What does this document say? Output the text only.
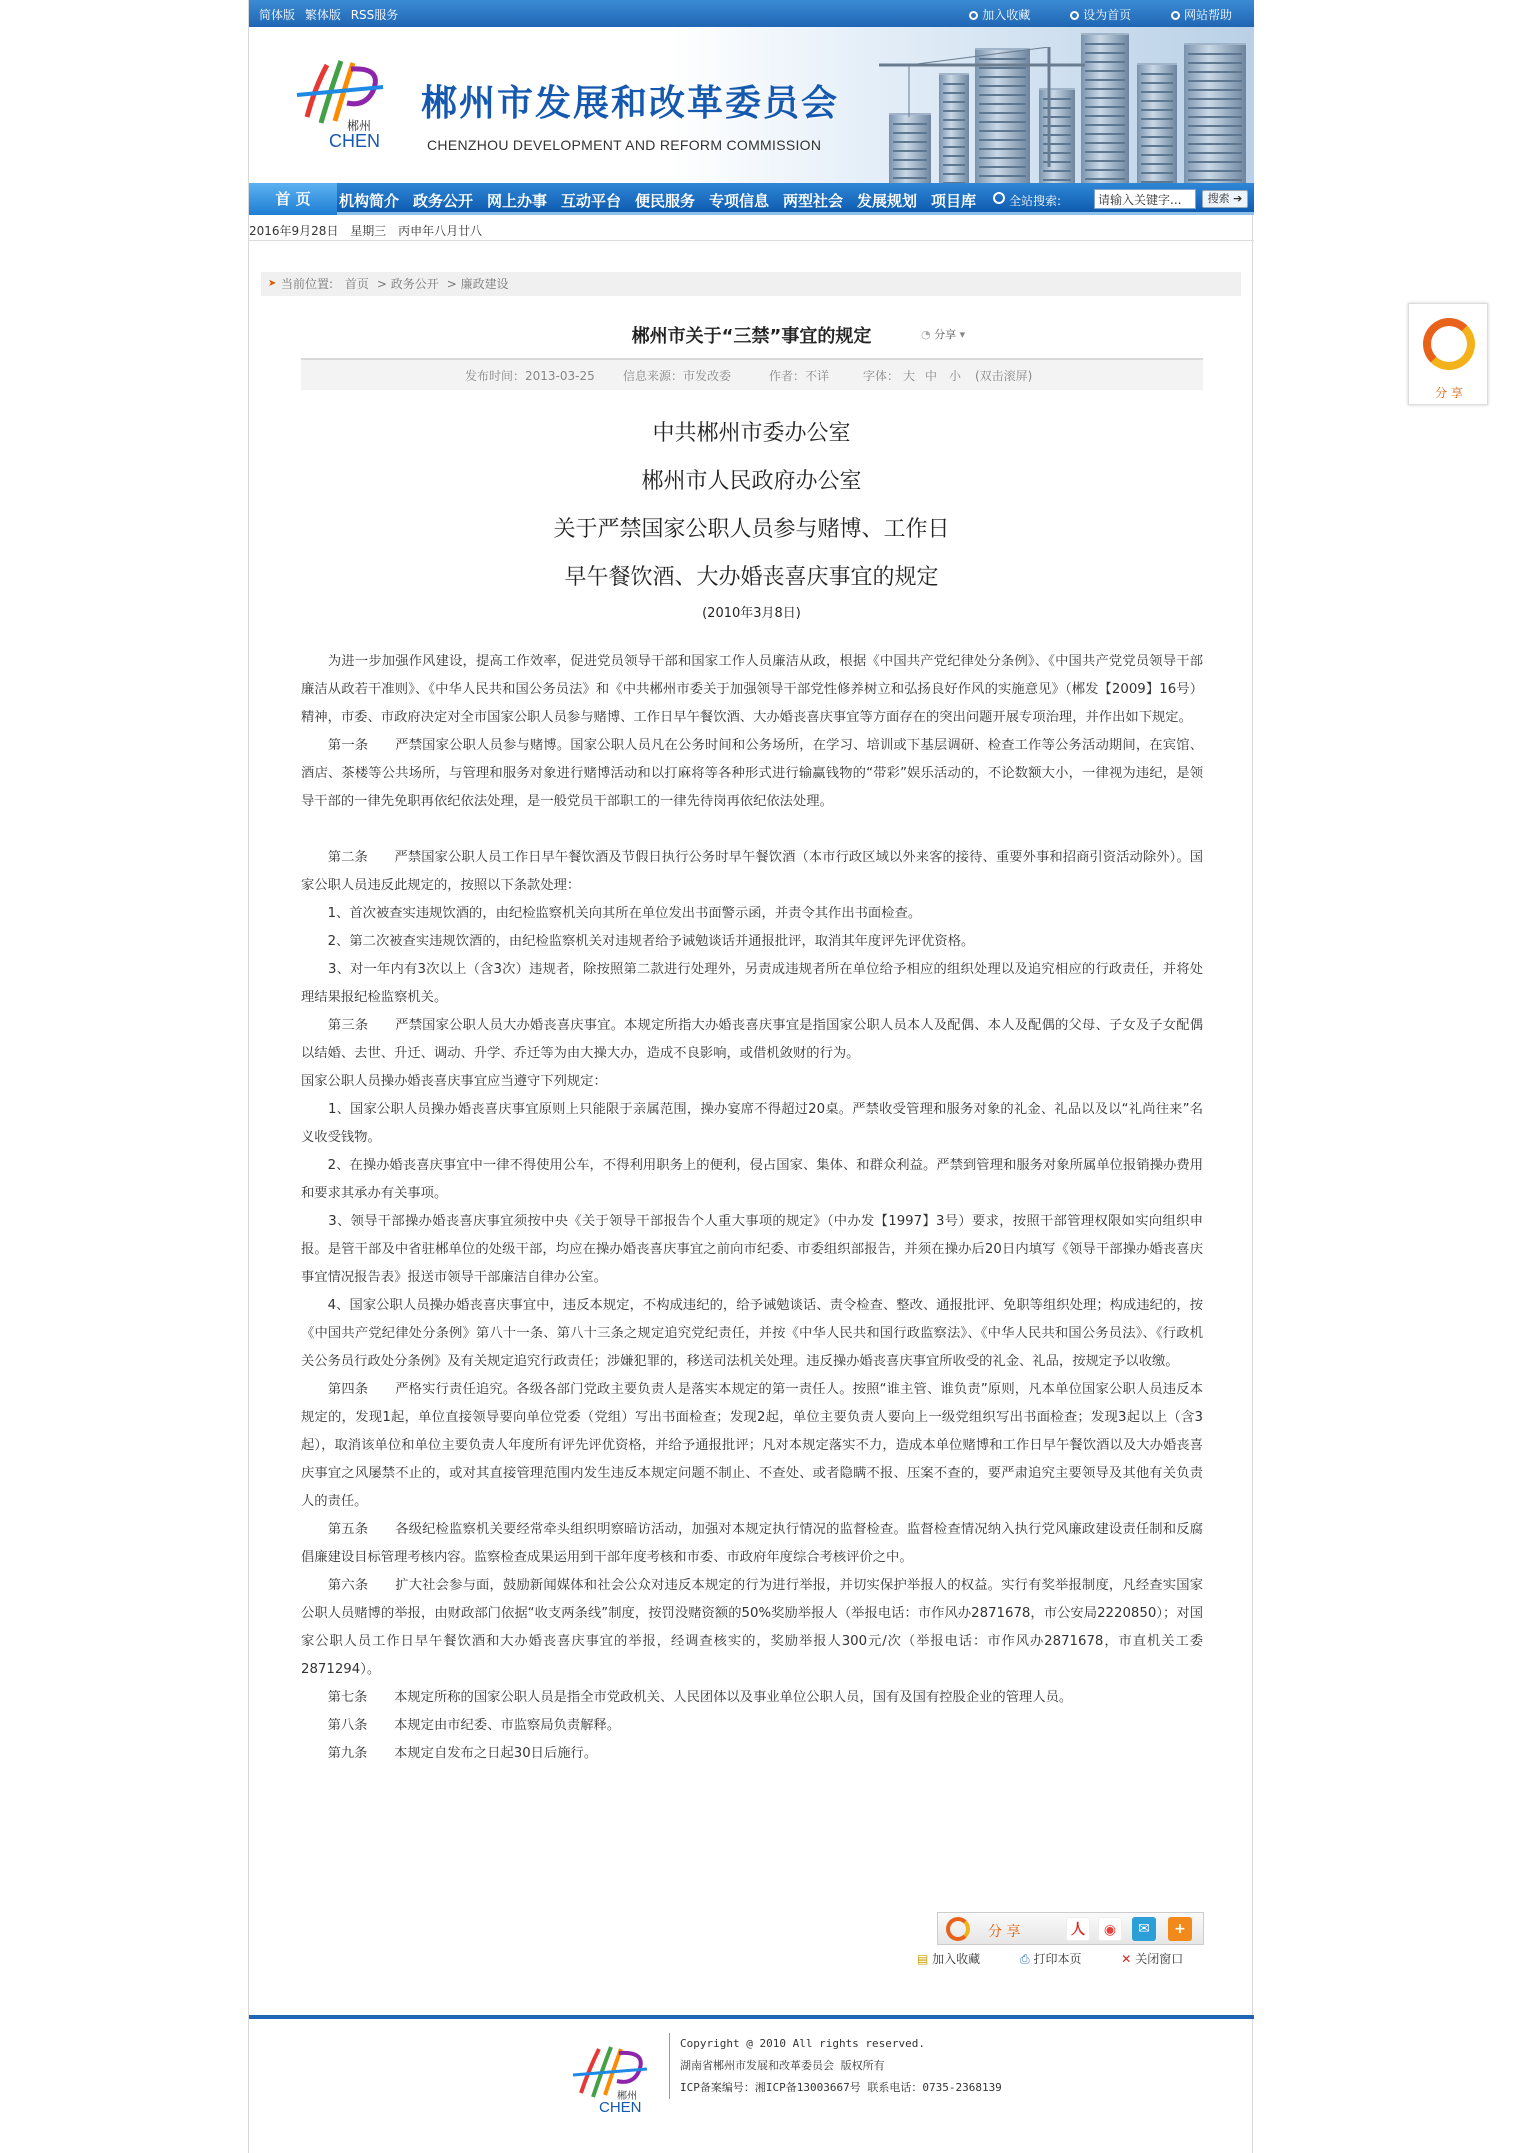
简体版 繁体版 RSS服务	加入收藏	设为首页	网站帮助
郴州
CHEN
郴州市发展和改革委员会
CHENZHOU DEVELOPMENT AND REFORM COMMISSION
首 页	机构简介 政务公开 网上办事 互动平台 便民服务 专项信息 两型社会 发展规划 项目库	全站搜索:
请输入关键字...	搜索 ➔
2016年9月28日 星期三 丙申年八月廿八
➤ 当前位置: 首页 > 政务公开 > 廉政建设
郴州市关于“三禁”事宜的规定	◔ 分享 ▾
发布时间：2013-03-25 信息来源：市发改委	作者：不详	字体： 大 中 小 (双击滚屏)
中共郴州市委办公室
郴州市人民政府办公室
关于严禁国家公职人员参与赌博、工作日
早午餐饮酒、大办婚丧喜庆事宜的规定
(2010年3月8日)

　　为进一步加强作风建设，提高工作效率，促进党员领导干部和国家工作人员廉洁从政，根据《中国共产党纪律处分条例》、《中国共产党党员领导干部廉洁从政若干准则》、《中华人民共和国公务员法》和《中共郴州市委关于加强领导干部党性修养树立和弘扬良好作风的实施意见》（郴发【2009】16号）精神，市委、市政府决定对全市国家公职人员参与赌博、工作日早午餐饮酒、大办婚丧喜庆事宜等方面存在的突出问题开展专项治理，并作出如下规定。

　　第一条　　严禁国家公职人员参与赌博。国家公职人员凡在公务时间和公务场所，在学习、培训或下基层调研、检查工作等公务活动期间，在宾馆、酒店、茶楼等公共场所，与管理和服务对象进行赌博活动和以打麻将等各种形式进行输赢钱物的“带彩”娱乐活动的，不论数额大小，一律视为违纪，是领导干部的一律先免职再依纪依法处理，是一般党员干部职工的一律先待岗再依纪依法处理。

　　第二条　　严禁国家公职人员工作日早午餐饮酒及节假日执行公务时早午餐饮酒（本市行政区域以外来客的接待、重要外事和招商引资活动除外）。国家公职人员违反此规定的，按照以下条款处理：

　　1、首次被查实违规饮酒的，由纪检监察机关向其所在单位发出书面警示函，并责令其作出书面检查。

　　2、第二次被查实违规饮酒的，由纪检监察机关对违规者给予诫勉谈话并通报批评，取消其年度评先评优资格。

　　3、对一年内有3次以上（含3次）违规者，除按照第二款进行处理外，另责成违规者所在单位给予相应的组织处理以及追究相应的行政责任，并将处理结果报纪检监察机关。

　　第三条　　严禁国家公职人员大办婚丧喜庆事宜。本规定所指大办婚丧喜庆事宜是指国家公职人员本人及配偶、本人及配偶的父母、子女及子女配偶以结婚、去世、升迁、调动、升学、乔迁等为由大操大办，造成不良影响，或借机敛财的行为。

国家公职人员操办婚丧喜庆事宜应当遵守下列规定：

　　1、国家公职人员操办婚丧喜庆事宜原则上只能限于亲属范围，操办宴席不得超过20桌。严禁收受管理和服务对象的礼金、礼品以及以“礼尚往来”名义收受钱物。

　　2、在操办婚丧喜庆事宜中一律不得使用公车，不得利用职务上的便利，侵占国家、集体、和群众利益。严禁到管理和服务对象所属单位报销操办费用和要求其承办有关事项。

　　3、领导干部操办婚丧喜庆事宜须按中央《关于领导干部报告个人重大事项的规定》（中办发【1997】3号）要求，按照干部管理权限如实向组织申报。是管干部及中省驻郴单位的处级干部，均应在操办婚丧喜庆事宜之前向市纪委、市委组织部报告，并须在操办后20日内填写《领导干部操办婚丧喜庆事宜情况报告表》报送市领导干部廉洁自律办公室。

　　4、国家公职人员操办婚丧喜庆事宜中，违反本规定，不构成违纪的，给予诫勉谈话、责令检查、整改、通报批评、免职等组织处理；构成违纪的，按《中国共产党纪律处分条例》第八十一条、第八十三条之规定追究党纪责任，并按《中华人民共和国行政监察法》、《中华人民共和国公务员法》、《行政机关公务员行政处分条例》及有关规定追究行政责任；涉嫌犯罪的，移送司法机关处理。违反操办婚丧喜庆事宜所收受的礼金、礼品，按规定予以收缴。

　　第四条　　严格实行责任追究。各级各部门党政主要负责人是落实本规定的第一责任人。按照“谁主管、谁负责”原则，凡本单位国家公职人员违反本规定的，发现1起，单位直接领导要向单位党委（党组）写出书面检查；发现2起，单位主要负责人要向上一级党组织写出书面检查；发现3起以上（含3起），取消该单位和单位主要负责人年度所有评先评优资格，并给予通报批评；凡对本规定落实不力，造成本单位赌博和工作日早午餐饮酒以及大办婚丧喜庆事宜之风屡禁不止的，或对其直接管理范围内发生违反本规定问题不制止、不查处、或者隐瞒不报、压案不查的，要严肃追究主要领导及其他有关负责人的责任。

　　第五条　　各级纪检监察机关要经常牵头组织明察暗访活动，加强对本规定执行情况的监督检查。监督检查情况纳入执行党风廉政建设责任制和反腐倡廉建设目标管理考核内容。监察检查成果运用到干部年度考核和市委、市政府年度综合考核评价之中。

　　第六条　　扩大社会参与面，鼓励新闻媒体和社会公众对违反本规定的行为进行举报，并切实保护举报人的权益。实行有奖举报制度，凡经查实国家公职人员赌博的举报，由财政部门依据“收支两条线”制度，按罚没赌资额的50%奖励举报人（举报电话：市作风办2871678，市公安局2220850）；对国家公职人员工作日早午餐饮酒和大办婚丧喜庆事宜的举报，经调查核实的，奖励举报人300元/次（举报电话：市作风办2871678，市直机关工委2871294）。

　　第七条　　本规定所称的国家公职人员是指全市党政机关、人民团体以及事业单位公职人员，国有及国有控股企业的管理人员。

　　第八条　　本规定由市纪委、市监察局负责解释。

　　第九条　　本规定自发布之日起30日后施行。

分 享	人	◉	✉	+
▤ 加入收藏	⎙ 打印本页	✕ 关闭窗口
郴州
CHEN
Copyright @ 2010 All rights reserved.
湖南省郴州市发展和改革委员会 版权所有
ICP备案编号：湘ICP备13003667号 联系电话：0735-2368139
分 享
